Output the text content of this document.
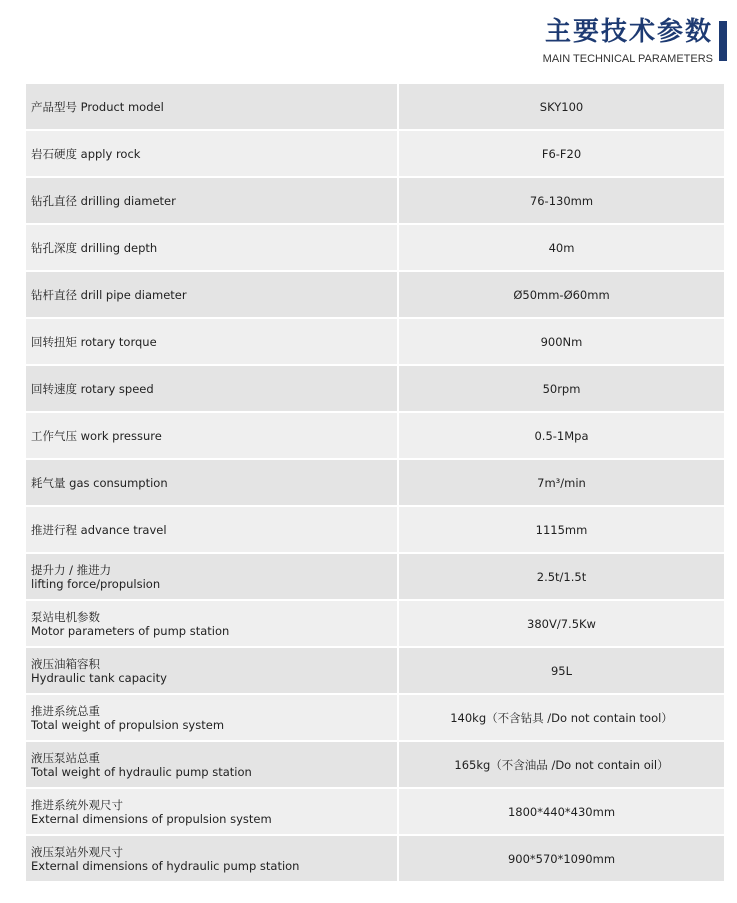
主要技术参数
MAIN TECHNICAL PARAMETERS
产品型号 Product model	SKY100
岩石硬度 apply rock	F6-F20
钻孔直径 drilling diameter	76-130mm
钻孔深度 drilling depth	40m
钻杆直径 drill pipe diameter	Ø50mm-Ø60mm
回转扭矩 rotary torque	900Nm
回转速度 rotary speed	50rpm
工作气压 work pressure	0.5-1Mpa
耗气量 gas consumption	7m³/min
推进行程 advance travel	1115mm
提升力 / 推进力
lifting force/propulsion	2.5t/1.5t
泵站电机参数
Motor parameters of pump station	380V/7.5Kw
液压油箱容积
Hydraulic tank capacity	95L
推进系统总重
Total weight of propulsion system	140kg（不含钻具 /Do not contain tool）
液压泵站总重
Total weight of hydraulic pump station	165kg（不含油品 /Do not contain oil）
推进系统外观尺寸
External dimensions of propulsion system	1800*440*430mm
液压泵站外观尺寸
External dimensions of hydraulic pump station	900*570*1090mm
